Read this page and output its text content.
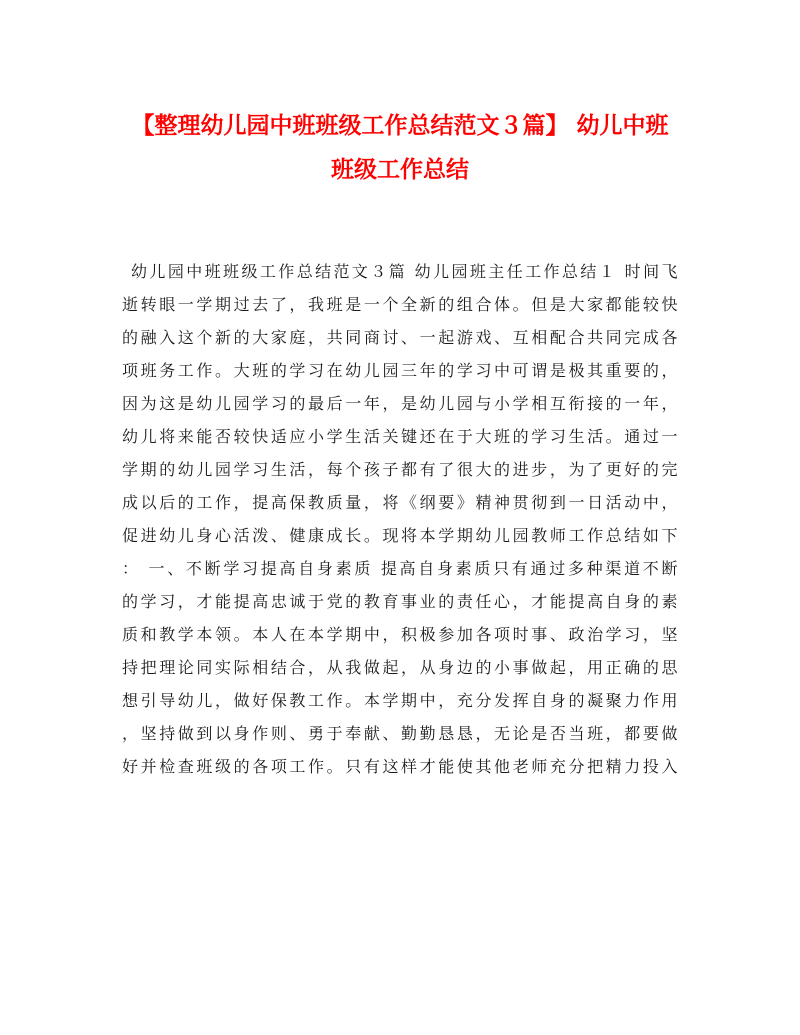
【整理幼儿园中班班级工作总结范文３篇】 幼儿中班
班级工作总结
幼儿园中班班级工作总结范文３篇 幼儿园班主任工作总结１ 时间飞
逝转眼一学期过去了，我班是一个全新的组合体。但是大家都能较快
的融入这个新的大家庭，共同商讨、一起游戏、互相配合共同完成各
项班务工作。大班的学习在幼儿园三年的学习中可谓是极其重要的，
因为这是幼儿园学习的最后一年，是幼儿园与小学相互衔接的一年，
幼儿将来能否较快适应小学生活关键还在于大班的学习生活。通过一
学期的幼儿园学习生活，每个孩子都有了很大的进步，为了更好的完
成以后的工作，提高保教质量，将《纲要》精神贯彻到一日活动中，
促进幼儿身心活泼、健康成长。现将本学期幼儿园教师工作总结如下
： 一、不断学习提高自身素质 提高自身素质只有通过多种渠道不断
的学习，才能提高忠诚于党的教育事业的责任心，才能提高自身的素
质和教学本领。本人在本学期中，积极参加各项时事、政治学习，坚
持把理论同实际相结合，从我做起，从身边的小事做起，用正确的思
想引导幼儿，做好保教工作。本学期中，充分发挥自身的凝聚力作用
，坚持做到以身作则、勇于奉献、勤勤恳恳，无论是否当班，都要做
好并检查班级的各项工作。只有这样才能使其他老师充分把精力投入
